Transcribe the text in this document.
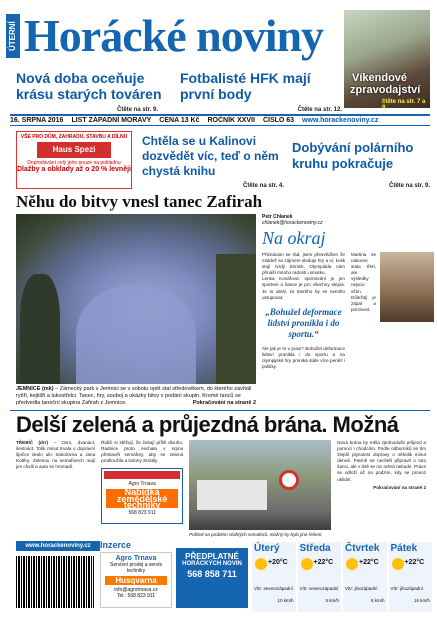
ÚTERNÍ Horácké noviny
Víkendové
zpravodajství
čtěte na str. 7 a 8
Nová doba oceňuje krásu starých továren
Čtěte na str. 9.
Fotbalisté HFK mají první body
Čtěte na str. 12.
16. SRPNA 2016 LIST ZÁPADNÍ MORAVY CENA 13 Kč ROČNÍK XXVII ČÍSLO 63 www.horackenoviny.cz
VŠE PRO DŮM, ZAHRADU, STAVBU A DÍLNU
Haus Spezi
Doprodávání celý jeho pouze na pokladnu
Dlažby a obklady až o 20 % levněji
Chtěla se u Kalinovi dozvědět víc, teď o něm chystá knihu
Čtěte na str. 4.
Dobývání polárního kruhu pokračuje
Čtěte na str. 9.
Něhu do bitvy vnesl tanec Zafirah
JEMNICE (mk) – Zámecký park v Jemnici se v sobotu opět stal středověkem, do kterého zavítali rytíři, kejklíři a lukostřelci. Tanec, hry, souboj a ukázky bitvy v podání skupin. Kromě tanců se předvedla taneční skupina Zafirah z Jemnice.	Pokračování na straně 2
Petr Chlanek
chlanek@horackenoviny.cz
Na okraj

Přiznávám se rád, jsem přesvědčen že mládež se zájmem sleduje hry a ví, kolik stojí tvrdý trénink. Olympiáda nám přináší mnoho radosti i smutku.

Lenka Kovářová: sportování je jen sportem a šance je pro všechny stejná. Je to ideál, ze kterého by se nemělo ustupovat.

„Bohužel deformace lidství pronikla i do sportu.“

Ale jak je to v praxi? Bohužel deformace lidství pronikla i do sportu a na olympijské hry proniká stále více peněz i politiky.

Martina se nakonec stala třetí, ale výsledky nejsou vším. Důležitý je zápal a poctivost.

Delší zelená a průjezdná brána. Možná
TŘEBÍČ (drr) – Osm, dvanáct, šestnáct. Tolik minut trvala v dopravní špičce okolo ulic Sokolovna a Jana Kotěry. Zelenou na semaforech mají jen chvíli a auta se hromadí.
Řidiči si stěžují, že čekají příliš dlouho. Radnice proto nechala v srpnu přestavět semafory, aby se zelená prodloužila a kolony zkrátily.
Agro Trnava
Nabídka zemědělské techniky
568 823 911
Pohled na problém složitých semaforů, možný by bylo jiné řešení.
Nová brána by měla zjednodušit průjezd a pomoci i chodcům. Podle odborníků se tím zlepší plynulost dopravy o několik minut denně. Patrně se nechtěl připravit o tuto šanci, ale v létě se nic měnit nebude. Práce se odloží až na podzim, kdy se provoz uklidní.
Pokračování na straně 2
www.horackenoviny.cz	Inzerce
Agro Trnava
Servisní prodej a servis techniky
Husqvarna
info@agrotrnava.cz
Tel.: 568 823 911
PŘEDPLATNÉ
HORÁCKÝCH NOVIN
568 858 711
Úterý
+20°C
Vítr: severozápadní
10 km/h
Středa
+22°C
Vítr: severozápadní
5 km/h
Čtvrtek
+22°C
Vítr: jihozápadní
8 km/h
Pátek
+22°C
Vítr: jihozápadní
16 km/h
